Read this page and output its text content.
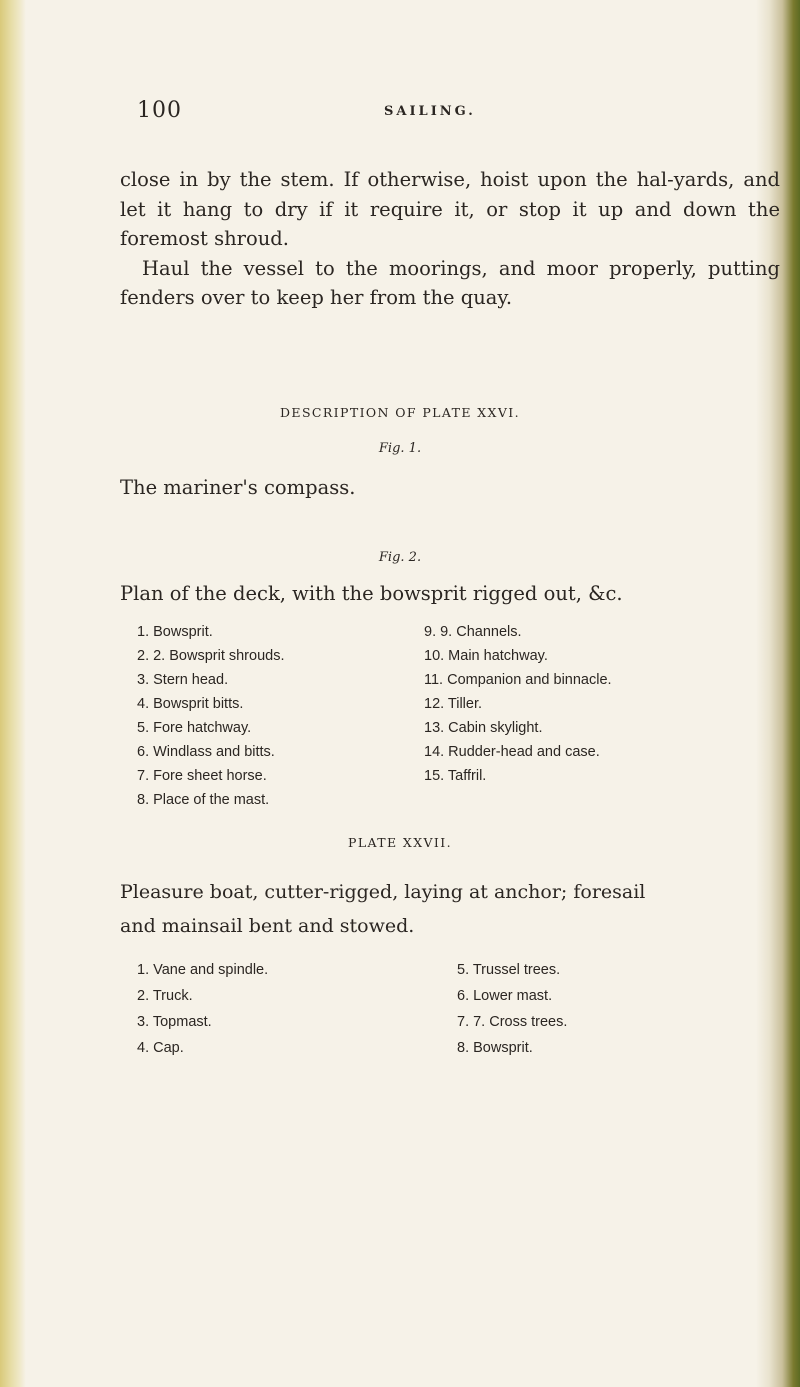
100	SAILING.

close in by the stem. If otherwise, hoist upon the hal-yards, and let it hang to dry if it require it, or stop it up and down the foremost shroud.

Haul the vessel to the moorings, and moor properly, putting fenders over to keep her from the quay.

DESCRIPTION OF PLATE XXVI.
Fig. 1.
The mariner's compass.
Fig. 2.
Plan of the deck, with the bowsprit rigged out, &c.
1. Bowsprit.
2. 2. Bowsprit shrouds.
3. Stern head.
4. Bowsprit bitts.
5. Fore hatchway.
6. Windlass and bitts.
7. Fore sheet horse.
8. Place of the mast.
9. 9. Channels.
10. Main hatchway.
11. Companion and binnacle.
12. Tiller.
13. Cabin skylight.
14. Rudder-head and case.
15. Taffril.
PLATE XXVII.
Pleasure boat, cutter-rigged, laying at anchor; foresail
and mainsail bent and stowed.
1. Vane and spindle.
2. Truck.
3. Topmast.
4. Cap.
5. Trussel trees.
6. Lower mast.
7. 7. Cross trees.
8. Bowsprit.
